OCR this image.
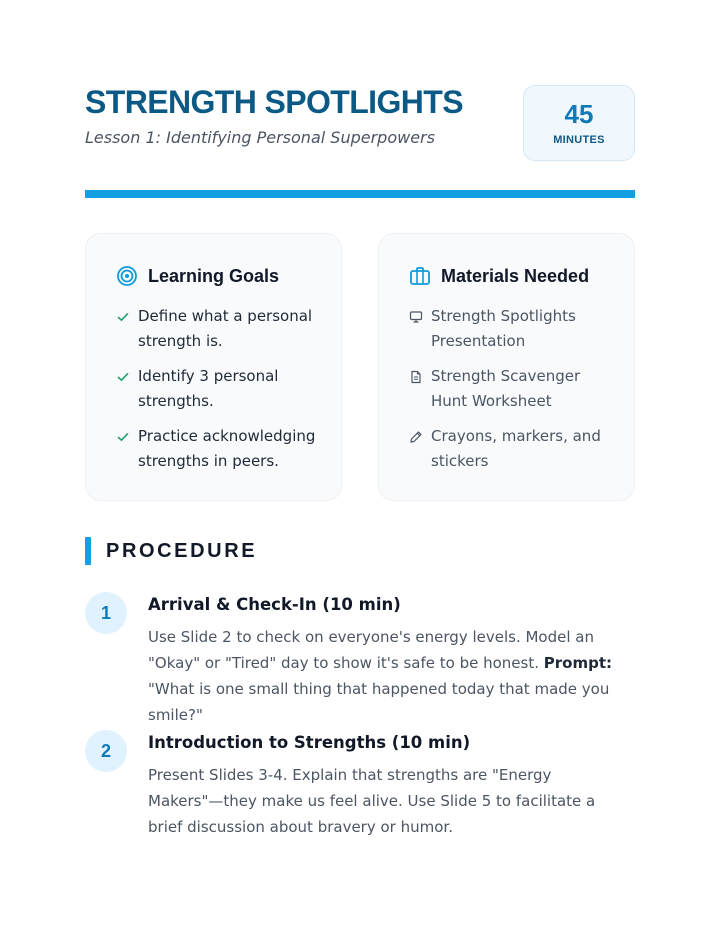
STRENGTH SPOTLIGHTS

Lesson 1: Identifying Personal Superpowers

45
MINUTES
Learning Goals
Define what a personal strength is.
Identify 3 personal strengths.
Practice acknowledging strengths in peers.
Materials Needed
Strength Spotlights Presentation
Strength Scavenger Hunt Worksheet
Crayons, markers, and stickers
PROCEDURE
1	Arrival & Check-In (10 min)

Use Slide 2 to check on everyone's energy levels. Model an "Okay" or "Tired" day to show it's safe to be honest. Prompt: "What is one small thing that happened today that made you smile?"

2	Introduction to Strengths (10 min)

Present Slides 3-4. Explain that strengths are "Energy Makers"—they make us feel alive. Use Slide 5 to facilitate a brief discussion about bravery or humor.
